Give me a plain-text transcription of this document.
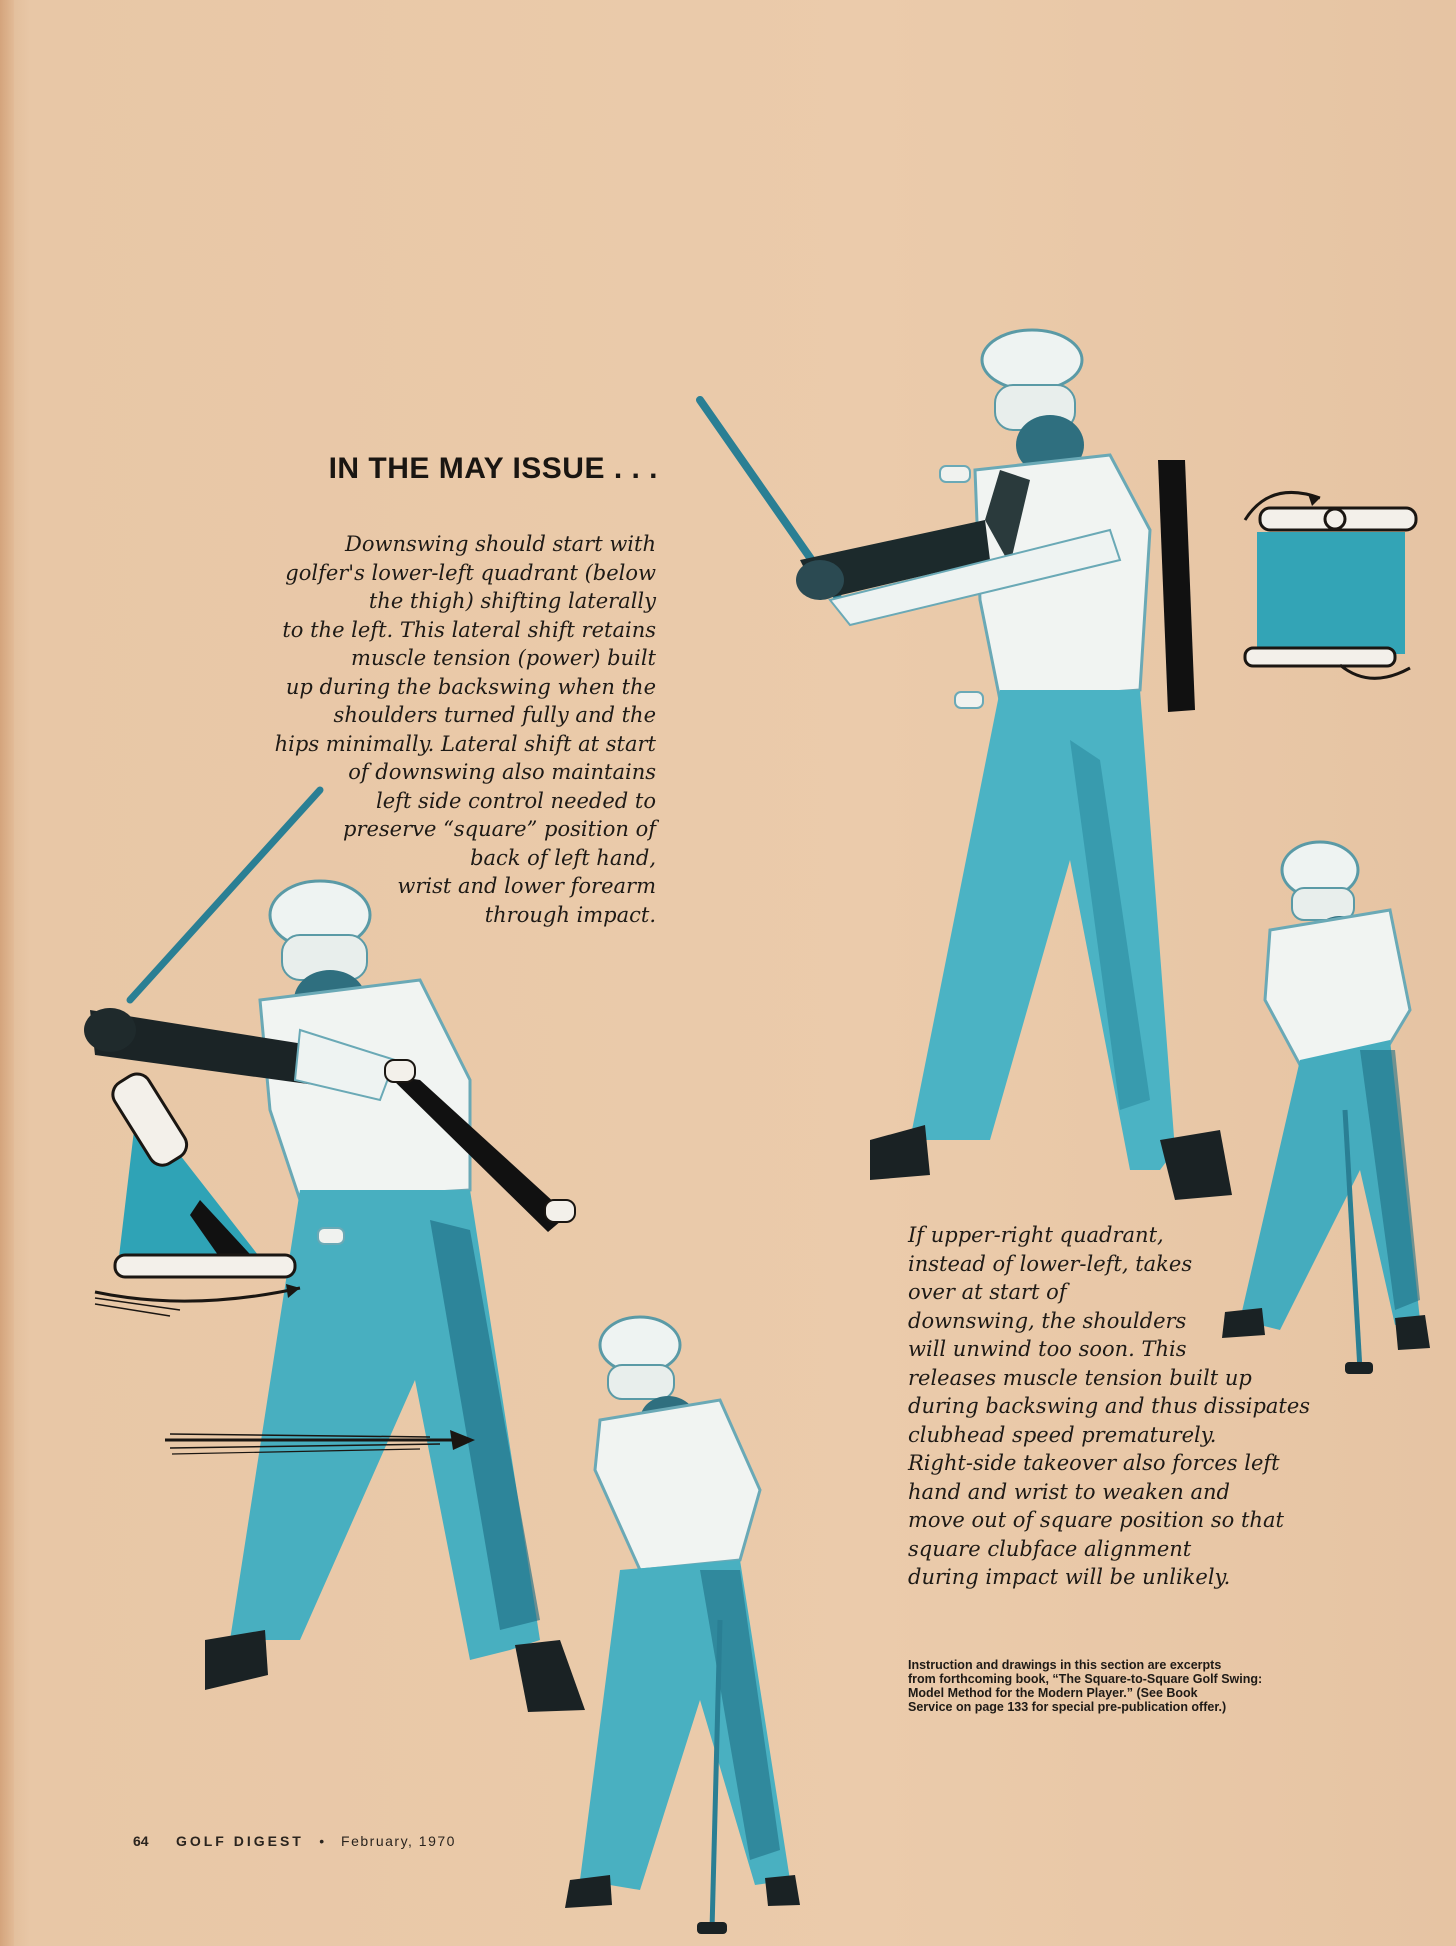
IN THE MAY ISSUE . . .
Downswing should start with
golfer's lower-left quadrant (below
the thigh) shifting laterally
to the left. This lateral shift retains
muscle tension (power) built
up during the backswing when the
shoulders turned fully and the
hips minimally. Lateral shift at start
of downswing also maintains
left side control needed to
preserve “square” position of
back of left hand,
wrist and lower forearm
through impact.
If upper-right quadrant,
instead of lower-left, takes
over at start of
downswing, the shoulders
will unwind too soon. This
releases muscle tension built up
during backswing and thus dissipates
clubhead speed prematurely.
Right-side takeover also forces left
hand and wrist to weaken and
move out of square position so that
square clubface alignment
during impact will be unlikely.
Instruction and drawings in this section are excerpts
from forthcoming book, “The Square-to-Square Golf Swing:
Model Method for the Modern Player.” (See Book
Service on page 133 for special pre-publication offer.)
64 GOLF DIGEST • February, 1970
